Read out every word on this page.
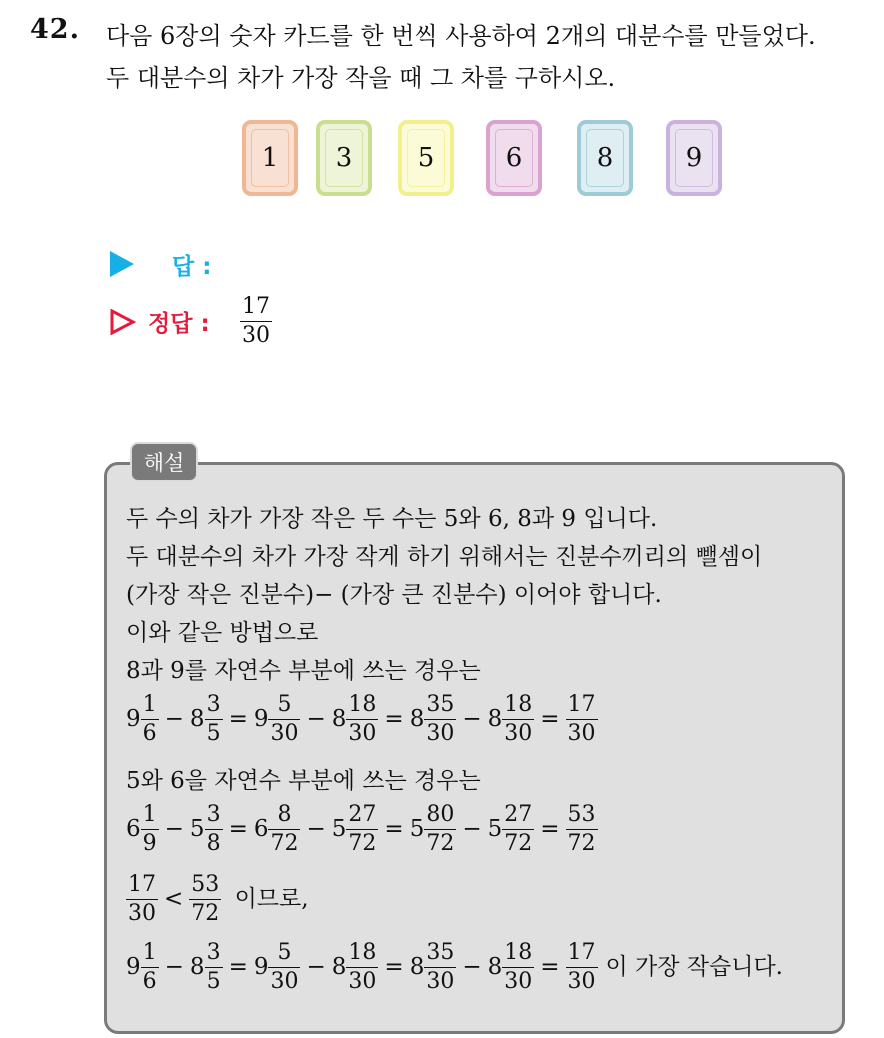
42. 다음 6장의 숫자 카드를 한 번씩 사용하여 2개의 대분수를 만들었다.
두 대분수의 차가 가장 작을 때 그 차를 구하시오.
1 3	5	6	8	9
답 :
정답 : $\frac{17}{30}$
해설
두 수의 차가 가장 작은 두 수는 5와 6, 8과 9 입니다.
두 대분수의 차가 가장 작게 하기 위해서는 진분수끼리의 뺄셈이
(가장 작은 진분수)− (가장 큰 진분수) 이어야 합니다.
이와 같은 방법으로
8과 9를 자연수 부분에 쓰는 경우는
$9 \frac{1}{6} - 8 \frac{3}{5} = 9 \frac{5}{30} - 8 \frac{18}{30} = 8 \frac{35}{30} - 8 \frac{18}{30} = \frac{17}{30}$
5와 6을 자연수 부분에 쓰는 경우는
$6 \frac{1}{9} - 5 \frac{3}{8} = 6 \frac{8}{72} - 5 \frac{27}{72} = 5 \frac{80}{72} - 5 \frac{27}{72} = \frac{53}{72}$
$\frac{17}{30} < \frac{53}{72}$ 이므로,
$9 \frac{1}{6} - 8 \frac{3}{5} = 9 \frac{5}{30} - 8 \frac{18}{30} = 8 \frac{35}{30} - 8 \frac{18}{30} = \frac{17}{30}$ 이 가장 작습니다.
